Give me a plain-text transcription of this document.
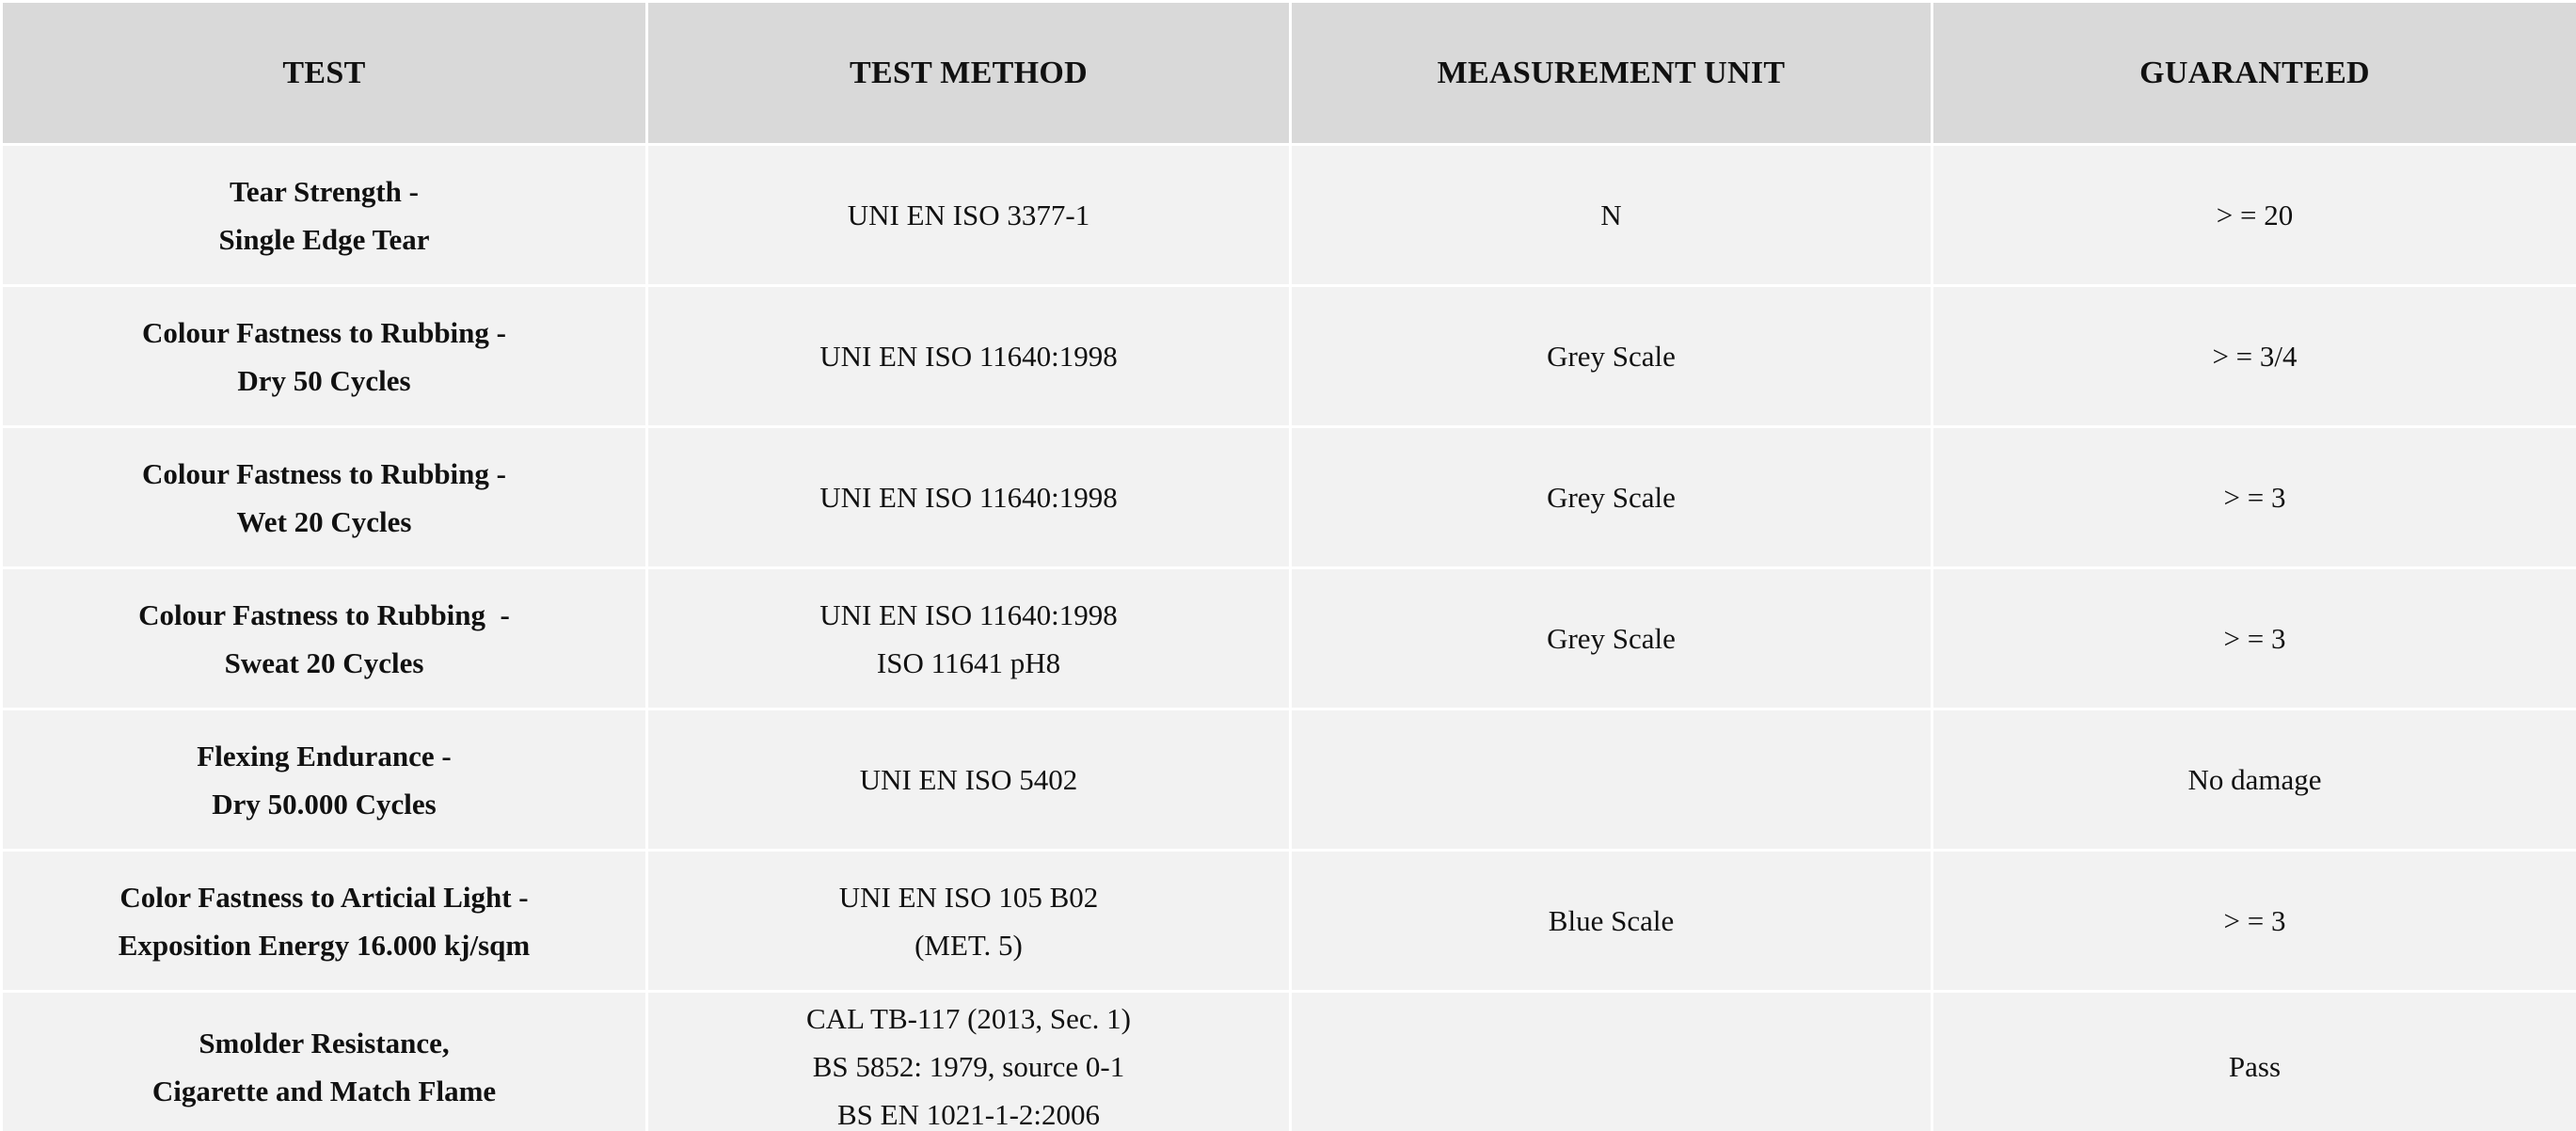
TEST	TEST METHOD	MEASUREMENT UNIT	GUARANTEED

Tear Strength -
Single Edge Tear	UNI EN ISO 3377-1	N	> = 20

Colour Fastness to Rubbing -
Dry 50 Cycles	UNI EN ISO 11640:1998	Grey Scale	> = 3/4

Colour Fastness to Rubbing -
Wet 20 Cycles	UNI EN ISO 11640:1998	Grey Scale	> = 3

Colour Fastness to Rubbing  -
Sweat 20 Cycles	UNI EN ISO 11640:1998
ISO 11641 pH8	Grey Scale	> = 3

Flexing Endurance -
Dry 50.000 Cycles	UNI EN ISO 5402		No damage

Color Fastness to Articial Light -
Exposition Energy 16.000 kj/sqm	UNI EN ISO 105 B02
(MET. 5)	Blue Scale	> = 3

Smolder Resistance,
Cigarette and Match Flame	CAL TB-117 (2013, Sec. 1)
BS 5852: 1979, source 0-1
BS EN 1021-1-2:2006		Pass
